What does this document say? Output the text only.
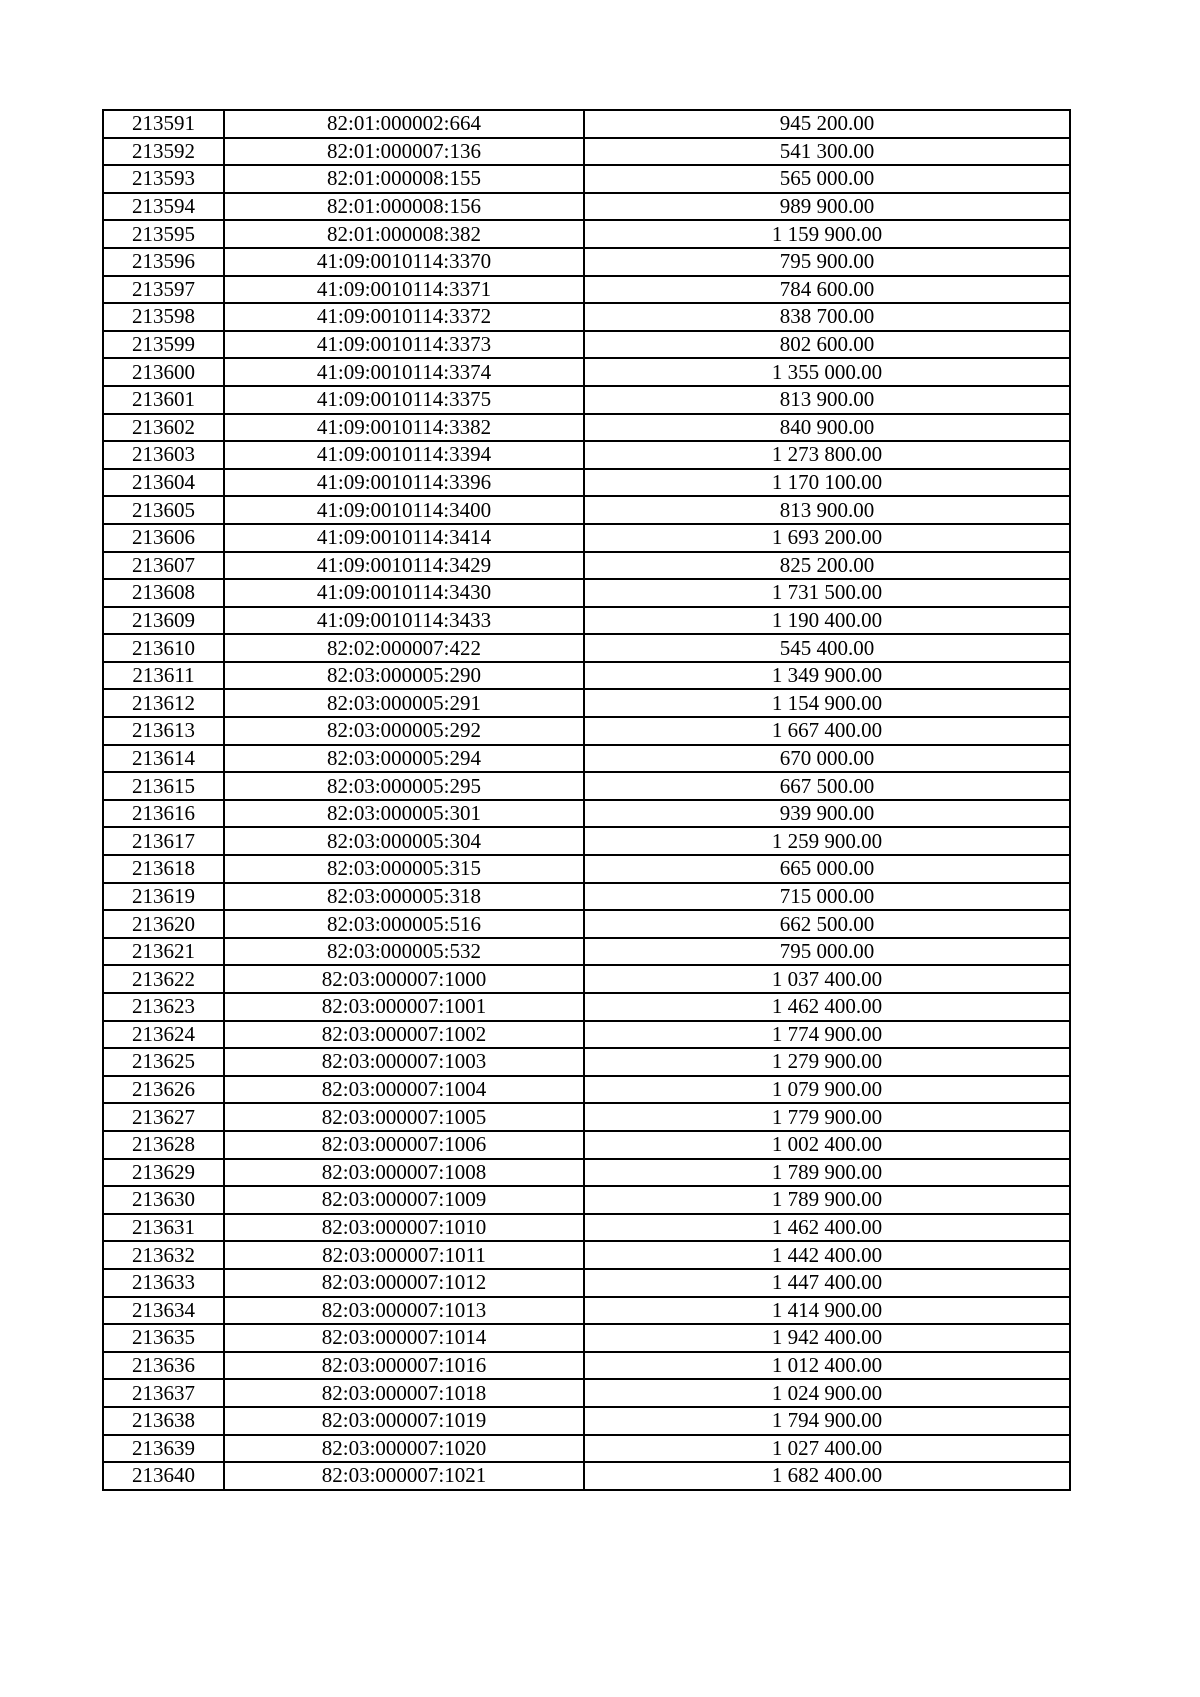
213591	82:01:000002:664	945 200.00
213592	82:01:000007:136	541 300.00
213593	82:01:000008:155	565 000.00
213594	82:01:000008:156	989 900.00
213595	82:01:000008:382	1 159 900.00
213596	41:09:0010114:3370	795 900.00
213597	41:09:0010114:3371	784 600.00
213598	41:09:0010114:3372	838 700.00
213599	41:09:0010114:3373	802 600.00
213600	41:09:0010114:3374	1 355 000.00
213601	41:09:0010114:3375	813 900.00
213602	41:09:0010114:3382	840 900.00
213603	41:09:0010114:3394	1 273 800.00
213604	41:09:0010114:3396	1 170 100.00
213605	41:09:0010114:3400	813 900.00
213606	41:09:0010114:3414	1 693 200.00
213607	41:09:0010114:3429	825 200.00
213608	41:09:0010114:3430	1 731 500.00
213609	41:09:0010114:3433	1 190 400.00
213610	82:02:000007:422	545 400.00
213611	82:03:000005:290	1 349 900.00
213612	82:03:000005:291	1 154 900.00
213613	82:03:000005:292	1 667 400.00
213614	82:03:000005:294	670 000.00
213615	82:03:000005:295	667 500.00
213616	82:03:000005:301	939 900.00
213617	82:03:000005:304	1 259 900.00
213618	82:03:000005:315	665 000.00
213619	82:03:000005:318	715 000.00
213620	82:03:000005:516	662 500.00
213621	82:03:000005:532	795 000.00
213622	82:03:000007:1000	1 037 400.00
213623	82:03:000007:1001	1 462 400.00
213624	82:03:000007:1002	1 774 900.00
213625	82:03:000007:1003	1 279 900.00
213626	82:03:000007:1004	1 079 900.00
213627	82:03:000007:1005	1 779 900.00
213628	82:03:000007:1006	1 002 400.00
213629	82:03:000007:1008	1 789 900.00
213630	82:03:000007:1009	1 789 900.00
213631	82:03:000007:1010	1 462 400.00
213632	82:03:000007:1011	1 442 400.00
213633	82:03:000007:1012	1 447 400.00
213634	82:03:000007:1013	1 414 900.00
213635	82:03:000007:1014	1 942 400.00
213636	82:03:000007:1016	1 012 400.00
213637	82:03:000007:1018	1 024 900.00
213638	82:03:000007:1019	1 794 900.00
213639	82:03:000007:1020	1 027 400.00
213640	82:03:000007:1021	1 682 400.00
